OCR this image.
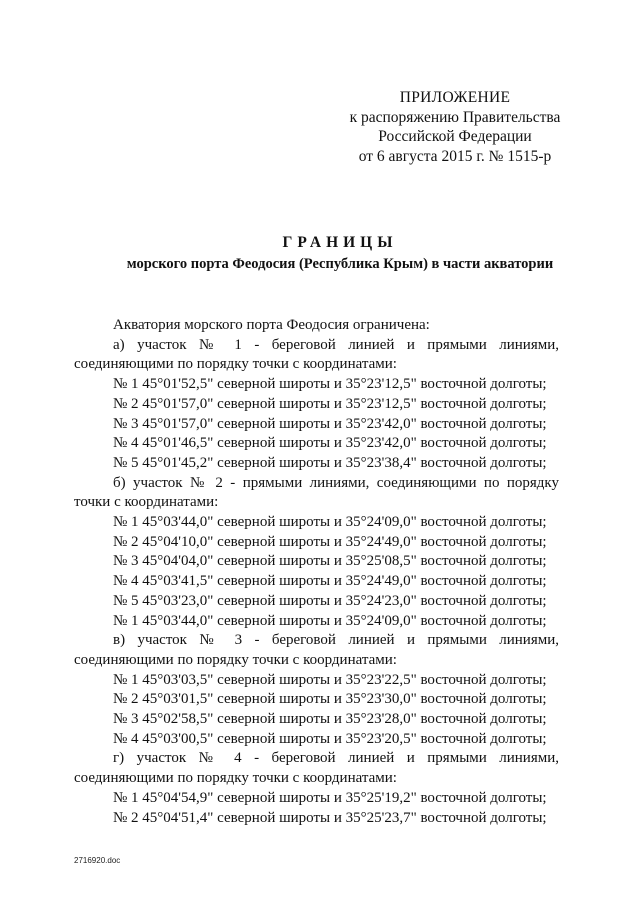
ПРИЛОЖЕНИЕ
к распоряжению Правительства
Российской Федерации
от 6 августа 2015 г. № 1515-р
ГРАНИЦЫ
морского порта Феодосия (Республика Крым) в части акватории

Акватория морского порта Феодосия ограничена:

а) участок № 1 - береговой линией и прямыми линиями,

соединяющими по порядку точки с координатами:

№ 1 45°01'52,5" северной широты и 35°23'12,5" восточной долготы;

№ 2 45°01'57,0" северной широты и 35°23'12,5" восточной долготы;

№ 3 45°01'57,0" северной широты и 35°23'42,0" восточной долготы;

№ 4 45°01'46,5" северной широты и 35°23'42,0" восточной долготы;

№ 5 45°01'45,2" северной широты и 35°23'38,4" восточной долготы;

б) участок № 2 - прямыми линиями, соединяющими по порядку

точки с координатами:

№ 1 45°03'44,0" северной широты и 35°24'09,0" восточной долготы;

№ 2 45°04'10,0" северной широты и 35°24'49,0" восточной долготы;

№ 3 45°04'04,0" северной широты и 35°25'08,5" восточной долготы;

№ 4 45°03'41,5" северной широты и 35°24'49,0" восточной долготы;

№ 5 45°03'23,0" северной широты и 35°24'23,0" восточной долготы;

№ 1 45°03'44,0" северной широты и 35°24'09,0" восточной долготы;

в) участок № 3 - береговой линией и прямыми линиями,

соединяющими по порядку точки с координатами:

№ 1 45°03'03,5" северной широты и 35°23'22,5" восточной долготы;

№ 2 45°03'01,5" северной широты и 35°23'30,0" восточной долготы;

№ 3 45°02'58,5" северной широты и 35°23'28,0" восточной долготы;

№ 4 45°03'00,5" северной широты и 35°23'20,5" восточной долготы;

г) участок № 4 - береговой линией и прямыми линиями,

соединяющими по порядку точки с координатами:

№ 1 45°04'54,9" северной широты и 35°25'19,2" восточной долготы;

№ 2 45°04'51,4" северной широты и 35°25'23,7" восточной долготы;

2716920.doc
